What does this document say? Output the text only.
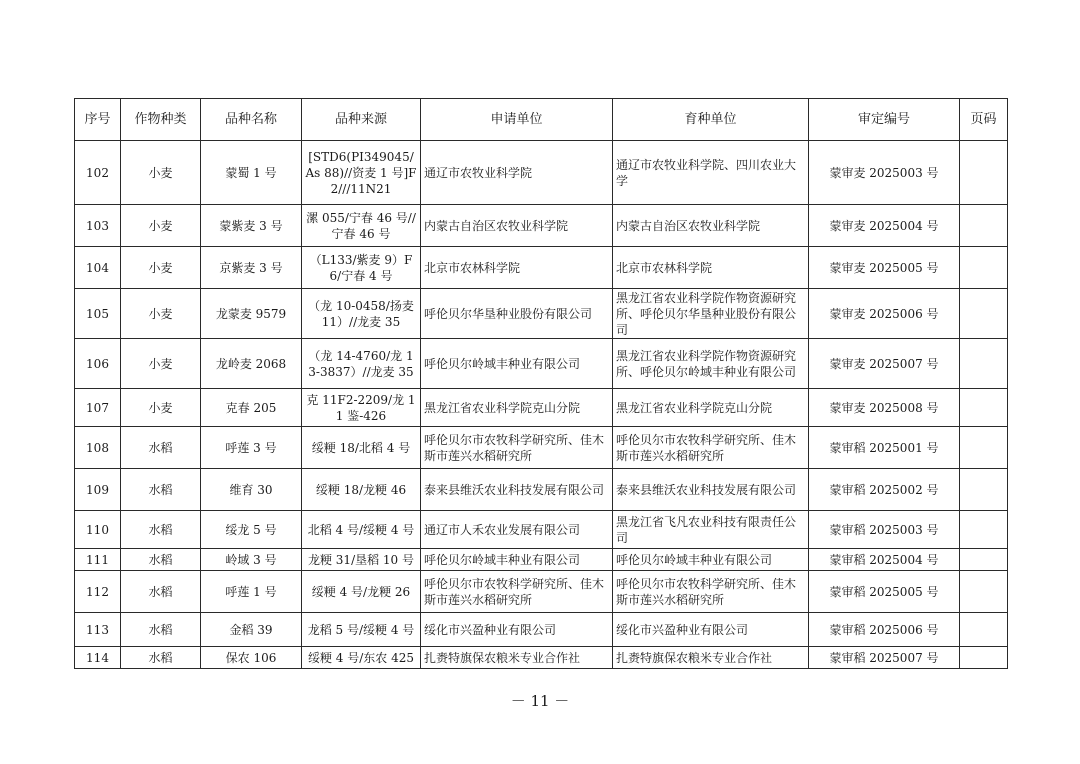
序号	作物种类	品种名称	品种来源	申请单位	育种单位	审定编号	页码
102	小麦	蒙蜀 1 号	[STD6(PI349045/As 88)//资麦 1 号]F2///11N21	通辽市农牧业科学院	通辽市农牧业科学院、四川农业大学	蒙审麦 2025003 号	
103	小麦	蒙紫麦 3 号	漯 055/宁春 46 号//宁春 46 号	内蒙古自治区农牧业科学院	内蒙古自治区农牧业科学院	蒙审麦 2025004 号	
104	小麦	京紫麦 3 号	（L133/紫麦 9）F6/宁春 4 号	北京市农林科学院	北京市农林科学院	蒙审麦 2025005 号	
105	小麦	龙蒙麦 9579	（龙 10-0458/扬麦 11）//龙麦 35	呼伦贝尔华垦种业股份有限公司	黑龙江省农业科学院作物资源研究所、呼伦贝尔华垦种业股份有限公司	蒙审麦 2025006 号	
106	小麦	龙岭麦 2068	（龙 14-4760/龙 13-3837）//龙麦 35	呼伦贝尔岭域丰种业有限公司	黑龙江省农业科学院作物资源研究所、呼伦贝尔岭域丰种业有限公司	蒙审麦 2025007 号	
107	小麦	克春 205	克 11F2-2209/龙 11 鉴-426	黑龙江省农业科学院克山分院	黑龙江省农业科学院克山分院	蒙审麦 2025008 号	
108	水稻	呼莲 3 号	绥粳 18/北稻 4 号	呼伦贝尔市农牧科学研究所、佳木斯市莲兴水稻研究所	呼伦贝尔市农牧科学研究所、佳木斯市莲兴水稻研究所	蒙审稻 2025001 号	
109	水稻	维育 30	绥粳 18/龙粳 46	泰来县维沃农业科技发展有限公司	泰来县维沃农业科技发展有限公司	蒙审稻 2025002 号	
110	水稻	绥龙 5 号	北稻 4 号/绥粳 4 号	通辽市人禾农业发展有限公司	黑龙江省飞凡农业科技有限责任公司	蒙审稻 2025003 号	
111	水稻	岭域 3 号	龙粳 31/垦稻 10 号	呼伦贝尔岭域丰种业有限公司	呼伦贝尔岭域丰种业有限公司	蒙审稻 2025004 号	
112	水稻	呼莲 1 号	绥粳 4 号/龙粳 26	呼伦贝尔市农牧科学研究所、佳木斯市莲兴水稻研究所	呼伦贝尔市农牧科学研究所、佳木斯市莲兴水稻研究所	蒙审稻 2025005 号	
113	水稻	金稻 39	龙稻 5 号/绥粳 4 号	绥化市兴盈种业有限公司	绥化市兴盈种业有限公司	蒙审稻 2025006 号	
114	水稻	保农 106	绥粳 4 号/东农 425	扎赉特旗保农粮米专业合作社	扎赉特旗保农粮米专业合作社	蒙审稻 2025007 号	
－ 11 －
